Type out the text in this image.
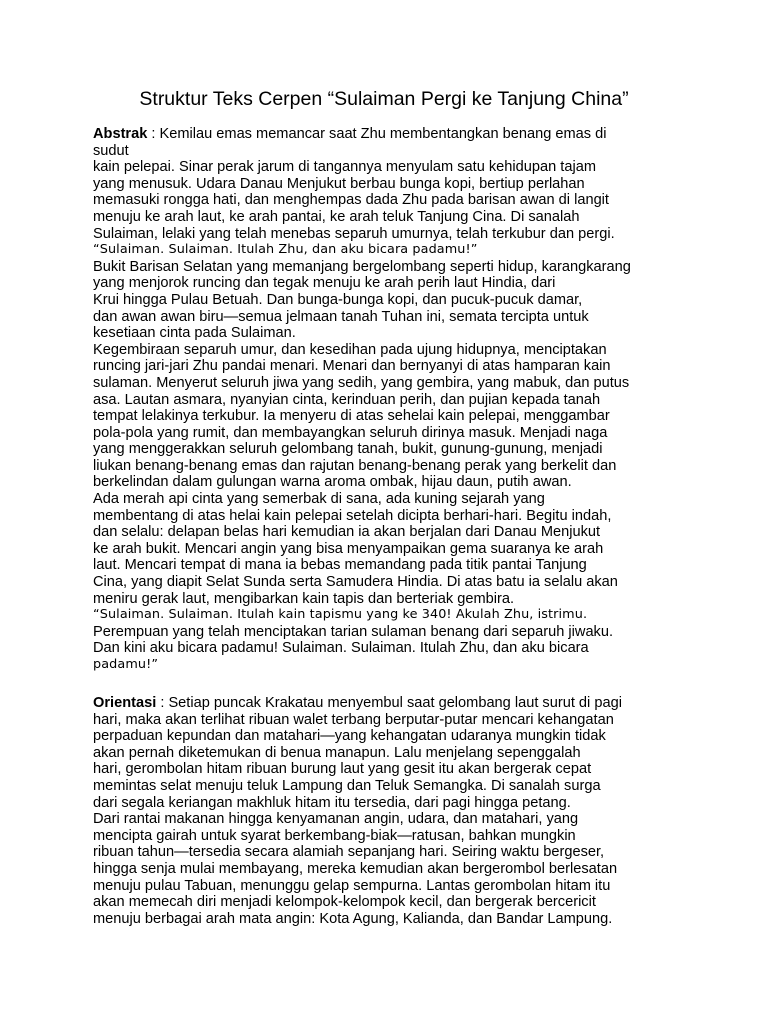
Struktur Teks Cerpen “Sulaiman Pergi ke Tanjung China”
Abstrak : Kemilau emas memancar saat Zhu membentangkan benang emas di
sudut
kain pelepai. Sinar perak jarum di tangannya menyulam satu kehidupan tajam
yang menusuk. Udara Danau Menjukut berbau bunga kopi, bertiup perlahan
memasuki rongga hati, dan menghempas dada Zhu pada barisan awan di langit
menuju ke arah laut, ke arah pantai, ke arah teluk Tanjung Cina. Di sanalah
Sulaiman, lelaki yang telah menebas separuh umurnya, telah terkubur dan pergi.
“Sulaiman. Sulaiman. Itulah Zhu, dan aku bicara padamu!”
Bukit Barisan Selatan yang memanjang bergelombang seperti hidup, karangkarang
yang menjorok runcing dan tegak menuju ke arah perih laut Hindia, dari
Krui hingga Pulau Betuah. Dan bunga-bunga kopi, dan pucuk-pucuk damar,
dan awan awan biru—semua jelmaan tanah Tuhan ini, semata tercipta untuk
kesetiaan cinta pada Sulaiman.
Kegembiraan separuh umur, dan kesedihan pada ujung hidupnya, menciptakan
runcing jari-jari Zhu pandai menari. Menari dan bernyanyi di atas hamparan kain
sulaman. Menyerut seluruh jiwa yang sedih, yang gembira, yang mabuk, dan putus
asa. Lautan asmara, nyanyian cinta, kerinduan perih, dan pujian kepada tanah
tempat lelakinya terkubur. Ia menyeru di atas sehelai kain pelepai, menggambar
pola-pola yang rumit, dan membayangkan seluruh dirinya masuk. Menjadi naga
yang menggerakkan seluruh gelombang tanah, bukit, gunung-gunung, menjadi
liukan benang-benang emas dan rajutan benang-benang perak yang berkelit dan
berkelindan dalam gulungan warna aroma ombak, hijau daun, putih awan.
Ada merah api cinta yang semerbak di sana, ada kuning sejarah yang
membentang di atas helai kain pelepai setelah dicipta berhari-hari. Begitu indah,
dan selalu: delapan belas hari kemudian ia akan berjalan dari Danau Menjukut
ke arah bukit. Mencari angin yang bisa menyampaikan gema suaranya ke arah
laut. Mencari tempat di mana ia bebas memandang pada titik pantai Tanjung
Cina, yang diapit Selat Sunda serta Samudera Hindia. Di atas batu ia selalu akan
meniru gerak laut, mengibarkan kain tapis dan berteriak gembira.
“Sulaiman. Sulaiman. Itulah kain tapismu yang ke 340! Akulah Zhu, istrimu.
Perempuan yang telah menciptakan tarian sulaman benang dari separuh jiwaku.
Dan kini aku bicara padamu! Sulaiman. Sulaiman. Itulah Zhu, dan aku bicara
padamu!”
Orientasi : Setiap puncak Krakatau menyembul saat gelombang laut surut di pagi
hari, maka akan terlihat ribuan walet terbang berputar-putar mencari kehangatan
perpaduan kepundan dan matahari—yang kehangatan udaranya mungkin tidak
akan pernah diketemukan di benua manapun. Lalu menjelang sepenggalah
hari, gerombolan hitam ribuan burung laut yang gesit itu akan bergerak cepat
memintas selat menuju teluk Lampung dan Teluk Semangka. Di sanalah surga
dari segala keriangan makhluk hitam itu tersedia, dari pagi hingga petang.
Dari rantai makanan hingga kenyamanan angin, udara, dan matahari, yang
mencipta gairah untuk syarat berkembang-biak—ratusan, bahkan mungkin
ribuan tahun—tersedia secara alamiah sepanjang hari. Seiring waktu bergeser,
hingga senja mulai membayang, mereka kemudian akan bergerombol berlesatan
menuju pulau Tabuan, menunggu gelap sempurna. Lantas gerombolan hitam itu
akan memecah diri menjadi kelompok-kelompok kecil, dan bergerak bercericit
menuju berbagai arah mata angin: Kota Agung, Kalianda, dan Bandar Lampung.
